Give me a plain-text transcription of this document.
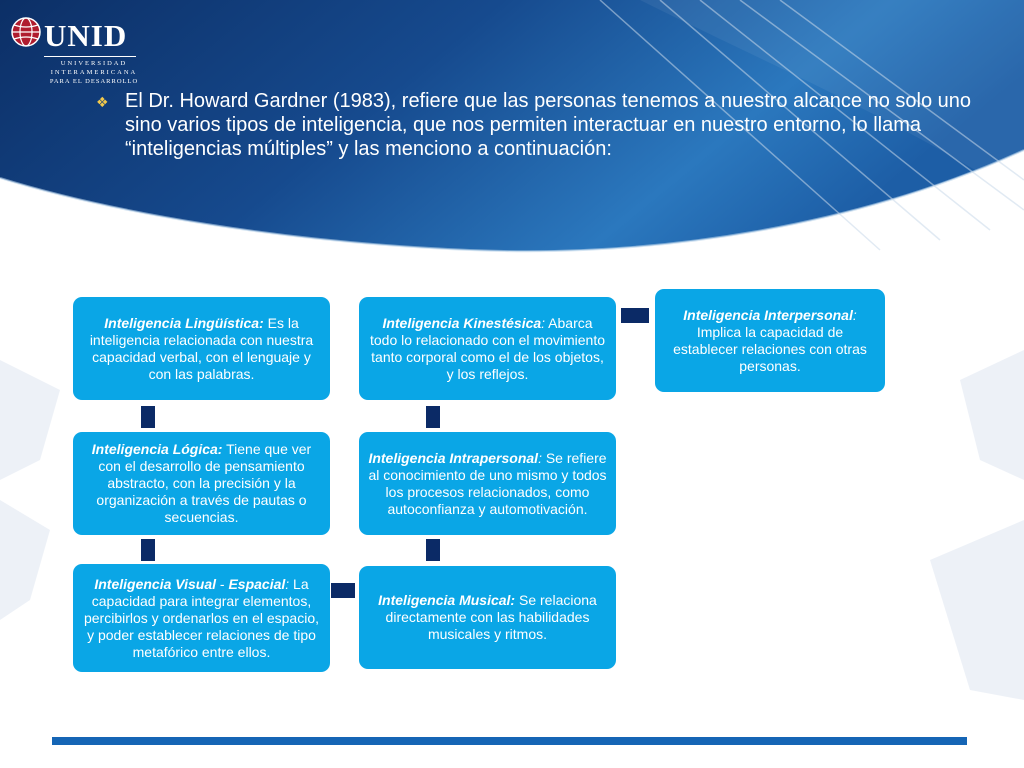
UNID
UNIVERSIDAD
INTERAMERICANA
PARA EL DESARROLLO
❖ El Dr. Howard Gardner (1983), refiere que las personas tenemos a nuestro alcance no solo uno sino varios tipos de inteligencia, que nos permiten interactuar en nuestro entorno, lo llama “inteligencias múltiples” y las menciono a continuación:
Inteligencia Lingüística: Es la inteligencia relacionada con nuestra capacidad verbal, con el lenguaje y con las palabras.
Inteligencia Lógica: Tiene que ver con el desarrollo de pensamiento abstracto, con la precisión y la organización a través de pautas o secuencias.
Inteligencia Visual - Espacial: La capacidad para integrar elementos, percibirlos y ordenarlos en el espacio, y poder establecer relaciones de tipo metafórico entre ellos.
Inteligencia Kinestésica: Abarca todo lo relacionado con el movimiento tanto corporal como el de los objetos, y los reflejos.
Inteligencia Intrapersonal: Se refiere al conocimiento de uno mismo y todos los procesos relacionados, como autoconfianza y automotivación.
Inteligencia Musical: Se relaciona directamente con las habilidades musicales y ritmos.
Inteligencia Interpersonal: Implica la capacidad de establecer relaciones con otras personas.
